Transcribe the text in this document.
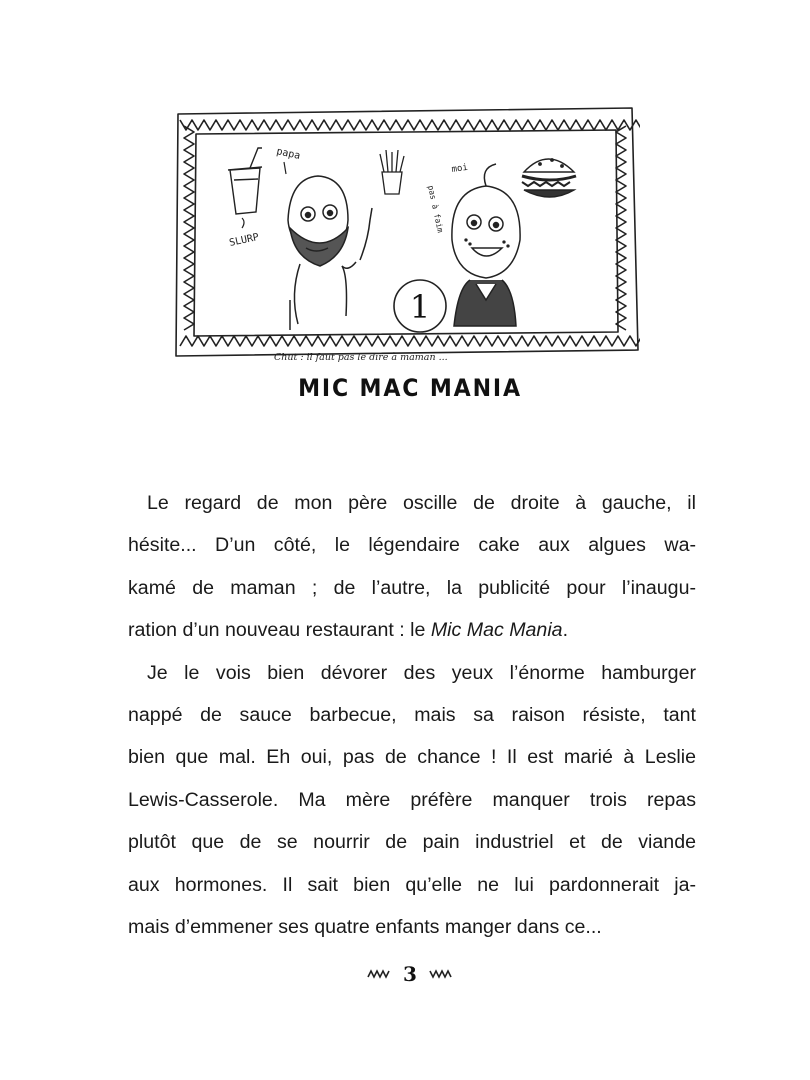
SLURP
papa
moi
pas à faim
1
Chut : il faut pas le dire à maman ...
MIC MAC MANIA
Le regard de mon père oscille de droite à gauche, il
hésite... D’un côté, le légendaire cake aux algues wa-
kamé de maman ; de l’autre, la publicité pour l’inaugu-
ration d’un nouveau restaurant : le Mic Mac Mania.
Je le vois bien dévorer des yeux l’énorme hamburger
nappé de sauce barbecue, mais sa raison résiste, tant
bien que mal. Eh oui, pas de chance ! Il est marié à Leslie
Lewis-Casserole. Ma mère préfère manquer trois repas
plutôt que de se nourrir de pain industriel et de viande
aux hormones. Il sait bien qu’elle ne lui pardonnerait ja-
mais d’emmener ses quatre enfants manger dans ce...
3
